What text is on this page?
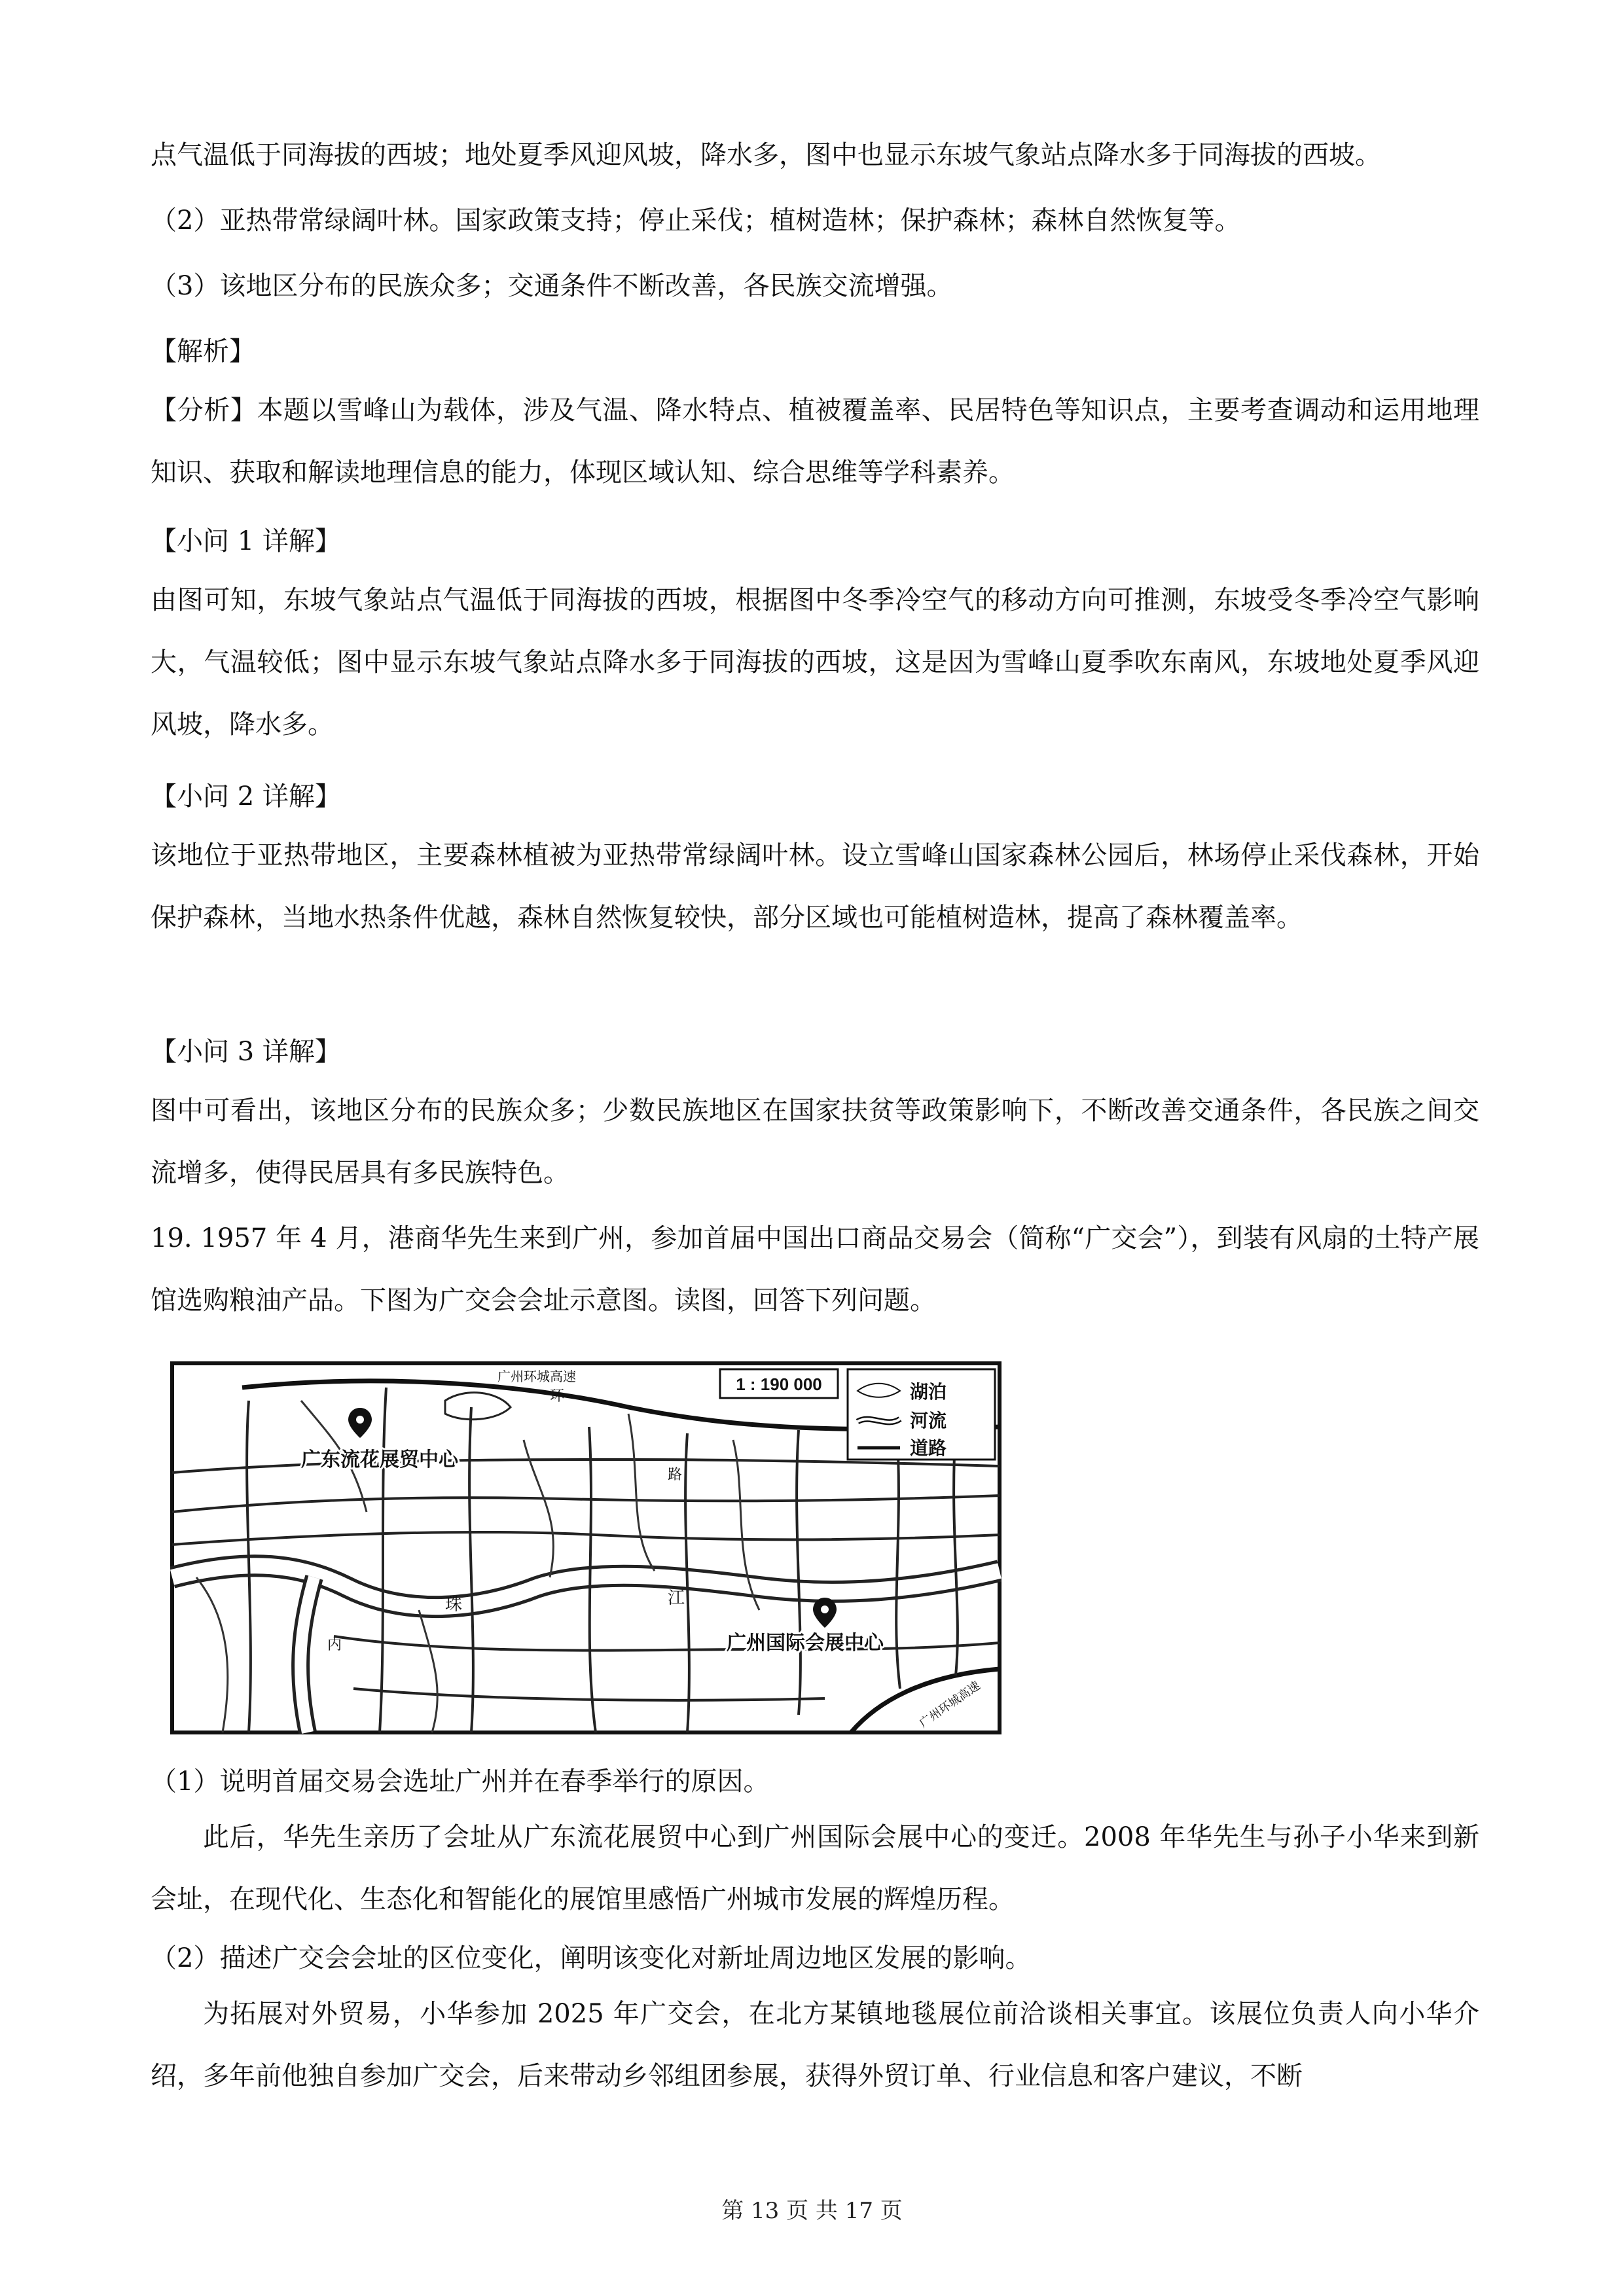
点气温低于同海拔的西坡；地处夏季风迎风坡，降水多，图中也显示东坡气象站点降水多于同海拔的西坡。
（2）亚热带常绿阔叶林。国家政策支持；停止采伐；植树造林；保护森林；森林自然恢复等。
（3）该地区分布的民族众多；交通条件不断改善，各民族交流增强。
【解析】

【分析】本题以雪峰山为载体，涉及气温、降水特点、植被覆盖率、民居特色等知识点，主要考查调动和运用地理知识、获取和解读地理信息的能力，体现区域认知、综合思维等学科素养。

【小问 1 详解】

由图可知，东坡气象站点气温低于同海拔的西坡，根据图中冬季冷空气的移动方向可推测，东坡受冬季冷空气影响大，气温较低；图中显示东坡气象站点降水多于同海拔的西坡，这是因为雪峰山夏季吹东南风，东坡地处夏季风迎风坡，降水多。

【小问 2 详解】

该地位于亚热带地区，主要森林植被为亚热带常绿阔叶林。设立雪峰山国家森林公园后，林场停止采伐森林，开始保护森林，当地水热条件优越，森林自然恢复较快，部分区域也可能植树造林，提高了森林覆盖率。

【小问 3 详解】

图中可看出，该地区分布的民族众多；少数民族地区在国家扶贫等政策影响下，不断改善交通条件，各民族之间交流增多，使得民居具有多民族特色。

19. 1957 年 4 月，港商华先生来到广州，参加首届中国出口商品交易会（简称“广交会”），到装有风扇的土特产展馆选购粮油产品。下图为广交会会址示意图。读图，回答下列问题。

广东流花展贸中心
广州国际会展中心
广州环城高速
广州环城高速
珠	江
环
路
内
1 : 190 000	湖泊
河流
道路
（1）说明首届交易会选址广州并在春季举行的原因。

此后，华先生亲历了会址从广东流花展贸中心到广州国际会展中心的变迁。2008 年华先生与孙子小华来到新会址，在现代化、生态化和智能化的展馆里感悟广州城市发展的辉煌历程。

（2）描述广交会会址的区位变化，阐明该变化对新址周边地区发展的影响。

为拓展对外贸易，小华参加 2025 年广交会，在北方某镇地毯展位前洽谈相关事宜。该展位负责人向小华介绍，多年前他独自参加广交会，后来带动乡邻组团参展，获得外贸订单、行业信息和客户建议，不断

第 13 页 共 17 页
